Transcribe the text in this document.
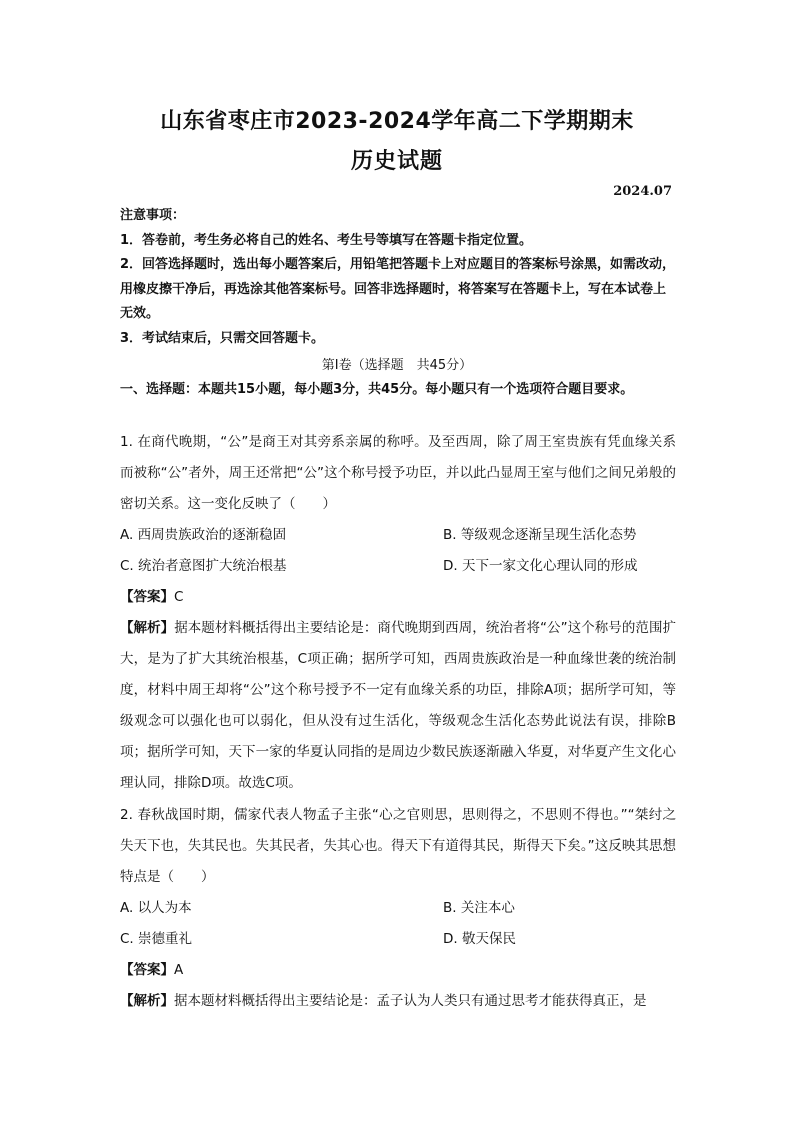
山东省枣庄市2023-2024学年高二下学期期末
历史试题
2024.07

注意事项：

1．答卷前，考生务必将自己的姓名、考生号等填写在答题卡指定位置。

2．回答选择题时，选出每小题答案后，用铅笔把答题卡上对应题目的答案标号涂黑，如需改动，用橡皮擦干净后，再选涂其他答案标号。回答非选择题时，将答案写在答题卡上，写在本试卷上无效。

3．考试结束后，只需交回答题卡。

第Ⅰ卷（选择题　共45分）
一、选择题：本题共15小题，每小题3分，共45分。每小题只有一个选项符合题目要求。

1. 在商代晚期，“公”是商王对其旁系亲属的称呼。及至西周，除了周王室贵族有凭血缘关系而被称“公”者外，周王还常把“公”这个称号授予功臣，并以此凸显周王室与他们之间兄弟般的密切关系。这一变化反映了（　　）

A. 西周贵族政治的逐渐稳固	B. 等级观念逐渐呈现生活化态势
C. 统治者意图扩大统治根基	D. 天下一家文化心理认同的形成

【答案】C

【解析】据本题材料概括得出主要结论是：商代晚期到西周，统治者将“公”这个称号的范围扩大，是为了扩大其统治根基，C项正确；据所学可知，西周贵族政治是一种血缘世袭的统治制度，材料中周王却将“公”这个称号授予不一定有血缘关系的功臣，排除A项；据所学可知，等级观念可以强化也可以弱化，但从没有过生活化，等级观念生活化态势此说法有误，排除B项；据所学可知，天下一家的华夏认同指的是周边少数民族逐渐融入华夏，对华夏产生文化心理认同，排除D项。故选C项。

2. 春秋战国时期，儒家代表人物孟子主张“心之官则思，思则得之，不思则不得也。”“桀纣之失天下也，失其民也。失其民者，失其心也。得天下有道得其民，斯得天下矣。”这反映其思想特点是（　　）

A. 以人为本	B. 关注本心
C. 崇德重礼	D. 敬天保民

【答案】A

【解析】据本题材料概括得出主要结论是：孟子认为人类只有通过思考才能获得真正，是
